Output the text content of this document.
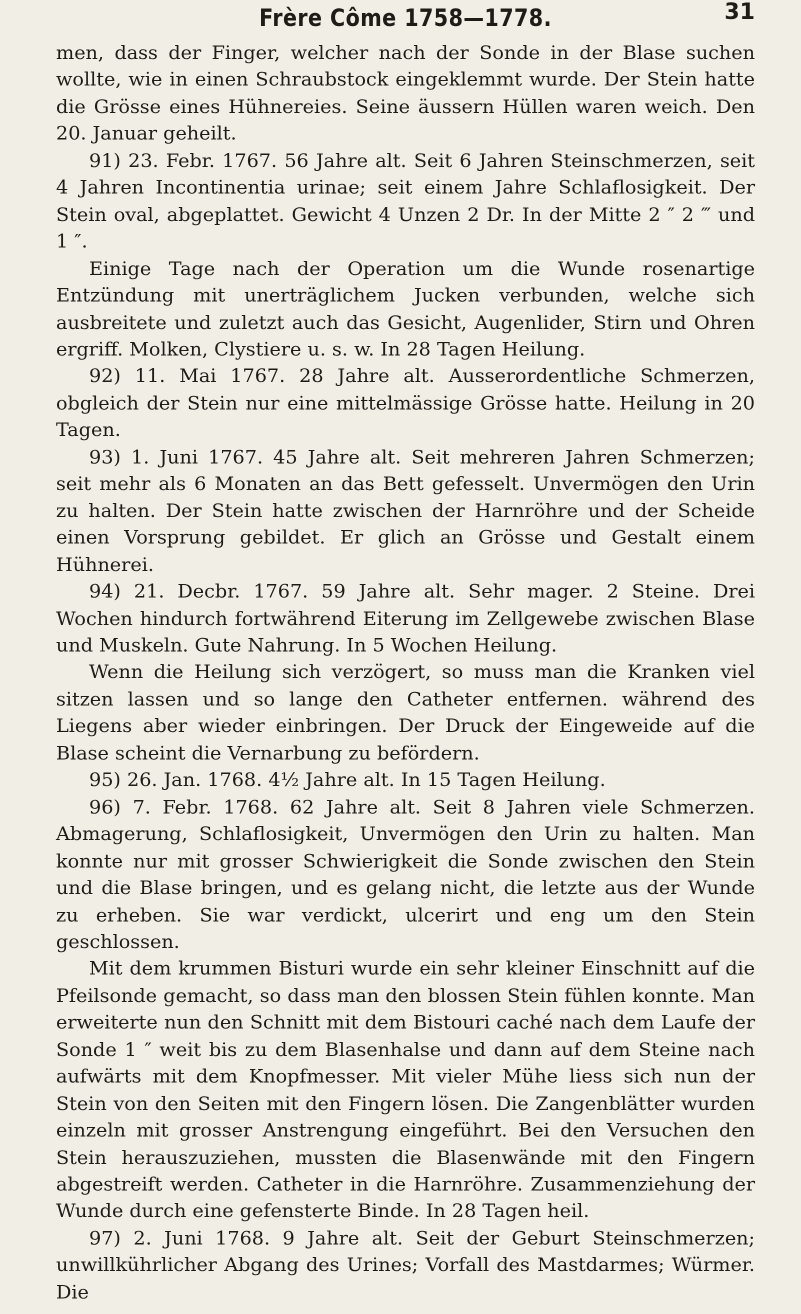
Frère Côme 1758—1778.	31

men, dass der Finger, welcher nach der Sonde in der Blase suchen wollte, wie in einen Schraubstock eingeklemmt wurde. Der Stein hatte die Grösse eines Hühnereies. Seine äussern Hüllen waren weich. Den 20. Januar geheilt.

91) 23. Febr. 1767. 56 Jahre alt. Seit 6 Jahren Steinschmerzen, seit 4 Jahren Incontinentia urinae; seit einem Jahre Schlaflosigkeit. Der Stein oval, abgeplattet. Gewicht 4 Unzen 2 Dr. In der Mitte 2 ″ 2 ‴ und 1 ″.

Einige Tage nach der Operation um die Wunde rosenartige Entzündung mit unerträglichem Jucken verbunden, welche sich ausbreitete und zuletzt auch das Gesicht, Augenlider, Stirn und Ohren ergriff. Molken, Clystiere u. s. w. In 28 Tagen Heilung.

92) 11. Mai 1767. 28 Jahre alt. Ausserordentliche Schmerzen, obgleich der Stein nur eine mittelmässige Grösse hatte. Heilung in 20 Tagen.

93) 1. Juni 1767. 45 Jahre alt. Seit mehreren Jahren Schmerzen; seit mehr als 6 Monaten an das Bett gefesselt. Unvermögen den Urin zu halten. Der Stein hatte zwischen der Harnröhre und der Scheide einen Vorsprung gebildet. Er glich an Grösse und Gestalt einem Hühnerei.

94) 21. Decbr. 1767. 59 Jahre alt. Sehr mager. 2 Steine. Drei Wochen hindurch fortwährend Eiterung im Zellgewebe zwischen Blase und Muskeln. Gute Nahrung. In 5 Wochen Heilung.

Wenn die Heilung sich verzögert, so muss man die Kranken viel sitzen lassen und so lange den Catheter entfernen. während des Liegens aber wieder einbringen. Der Druck der Eingeweide auf die Blase scheint die Vernarbung zu befördern.

95) 26. Jan. 1768. 4½ Jahre alt. In 15 Tagen Heilung.

96) 7. Febr. 1768. 62 Jahre alt. Seit 8 Jahren viele Schmerzen. Abmagerung, Schlaflosigkeit, Unvermögen den Urin zu halten. Man konnte nur mit grosser Schwierigkeit die Sonde zwischen den Stein und die Blase bringen, und es gelang nicht, die letzte aus der Wunde zu erheben. Sie war verdickt, ulcerirt und eng um den Stein geschlossen.

Mit dem krummen Bisturi wurde ein sehr kleiner Einschnitt auf die Pfeilsonde gemacht, so dass man den blossen Stein fühlen konnte. Man erweiterte nun den Schnitt mit dem Bistouri caché nach dem Laufe der Sonde 1 ″ weit bis zu dem Blasenhalse und dann auf dem Steine nach aufwärts mit dem Knopfmesser. Mit vieler Mühe liess sich nun der Stein von den Seiten mit den Fingern lösen. Die Zangenblätter wurden einzeln mit grosser Anstrengung eingeführt. Bei den Versuchen den Stein herauszuziehen, mussten die Blasenwände mit den Fingern abgestreift werden. Catheter in die Harnröhre. Zusammenziehung der Wunde durch eine gefensterte Binde. In 28 Tagen heil.

97) 2. Juni 1768. 9 Jahre alt. Seit der Geburt Steinschmerzen; unwillkührlicher Abgang des Urines; Vorfall des Mastdarmes; Würmer. Die
